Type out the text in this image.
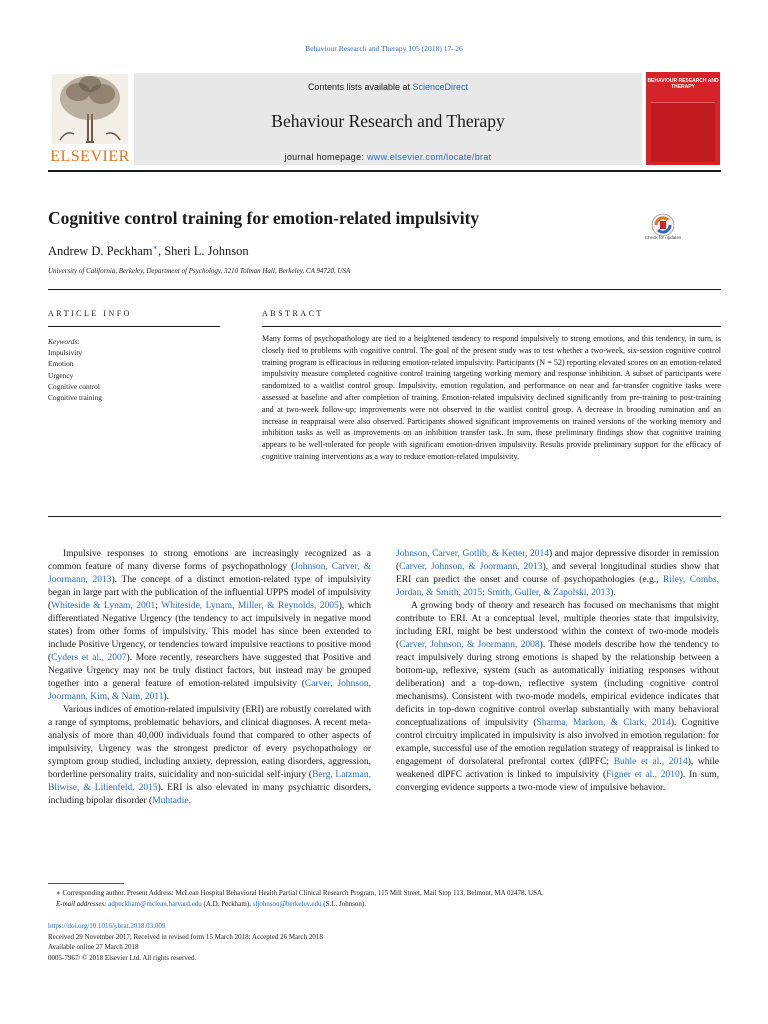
Behaviour Research and Therapy 105 (2018) 17–26
ELSEVIER
Contents lists available at ScienceDirect
Behaviour Research and Therapy
journal homepage: www.elsevier.com/locate/brat
BEHAVIOUR RESEARCH AND THERAPY
Cognitive control training for emotion-related impulsivity
Andrew D. Peckham∗, Sheri L. Johnson
University of California, Berkeley, Department of Psychology, 3210 Tolman Hall, Berkeley, CA 94720, USA
Check for updates
ARTICLE INFO	ABSTRACT
Keywords:
Impulsivity
Emotion
Urgency
Cognitive control
Cognitive training
Many forms of psychopathology are tied to a heightened tendency to respond impulsively to strong emotions, and this tendency, in turn, is closely tied to problems with cognitive control. The goal of the present study was to test whether a two-week, six-session cognitive control training program is efficacious in reducing emotion-related impulsivity. Participants (N = 52) reporting elevated scores on an emotion-related impulsivity measure completed cognitive control training targeting working memory and response inhibition. A subset of participants were randomized to a waitlist control group. Impulsivity, emotion regulation, and performance on near and far-transfer cognitive tasks were assessed at baseline and after completion of training. Emotion-related impulsivity declined significantly from pre-training to post-training and at two-week follow-up; improvements were not observed in the waitlist control group. A decrease in brooding rumination and an increase in reappraisal were also observed. Participants showed significant improvements on trained versions of the working memory and inhibition tasks as well as improvements on an inhibition transfer task. In sum, these preliminary findings show that cognitive training appears to be well-tolerated for people with significant emotion-driven impulsivity. Results provide preliminary support for the efficacy of cognitive training interventions as a way to reduce emotion-related impulsivity.

Impulsive responses to strong emotions are increasingly recognized as a common feature of many diverse forms of psychopathology (Johnson, Carver, & Joormann, 2013). The concept of a distinct emotion-related type of impulsivity began in large part with the publication of the influential UPPS model of impulsivity (Whiteside & Lynam, 2001; Whiteside, Lynam, Miller, & Reynolds, 2005), which differentiated Negative Urgency (the tendency to act impulsively in negative mood states) from other forms of impulsivity. This model has since been extended to include Positive Urgency, or tendencies toward impulsive reactions to positive mood (Cyders et al., 2007). More recently, researchers have suggested that Positive and Negative Urgency may not be truly distinct factors, but instead may be grouped together into a general feature of emotion-related impulsivity (Carver, Johnson, Joormann, Kim, & Nam, 2011).

Various indices of emotion-related impulsivity (ERI) are robustly correlated with a range of symptoms, problematic behaviors, and clinical diagnoses. A recent meta-analysis of more than 40,000 individuals found that compared to other aspects of impulsivity, Urgency was the strongest predictor of every psychopathology or symptom group studied, including anxiety, depression, eating disorders, aggression, borderline personality traits, suicidality and non-suicidal self-injury (Berg, Latzman, Bliwise, & Lilienfeld, 2015). ERI is also elevated in many psychiatric disorders, including bipolar disorder (Muhtadie,

Johnson, Carver, Gotlib, & Ketter, 2014) and major depressive disorder in remission (Carver, Johnson, & Joormann, 2013), and several longitudinal studies show that ERI can predict the onset and course of psychopathologies (e.g., Riley, Combs, Jordan, & Smith, 2015; Smith, Guller, & Zapolski, 2013).

A growing body of theory and research has focused on mechanisms that might contribute to ERI. At a conceptual level, multiple theories state that impulsivity, including ERI, might be best understood within the context of two-mode models (Carver, Johnson, & Joormann, 2008). These models describe how the tendency to react impulsively during strong emotions is shaped by the relationship between a bottom-up, reflexive, system (such as automatically initiating responses without deliberation) and a top-down, reflective system (including cognitive control mechanisms). Consistent with two-mode models, empirical evidence indicates that deficits in top-down cognitive control overlap substantially with many behavioral conceptualizations of impulsivity (Sharma, Markon, & Clark, 2014). Cognitive control circuitry implicated in impulsivity is also involved in emotion regulation: for example, successful use of the emotion regulation strategy of reappraisal is linked to engagement of dorsolateral prefrontal cortex (dlPFC; Buhle et al., 2014), while weakened dlPFC activation is linked to impulsivity (Figner et al., 2010). In sum, converging evidence supports a two-mode view of impulsive behavior.

∗ Corresponding author. Present Address: McLean Hospital Behavioral Health Partial Clinical Research Program, 115 Mill Street, Mail Stop 113, Belmont, MA 02478, USA.
E-mail addresses: adpeckham@mclean.harvard.edu (A.D. Peckham), sljohnson@berkeley.edu (S.L. Johnson).
https://doi.org/10.1016/j.brat.2018.03.009
Received 29 November 2017; Received in revised form 15 March 2018; Accepted 26 March 2018
Available online 27 March 2018
0005-7967/ © 2018 Elsevier Ltd. All rights reserved.
